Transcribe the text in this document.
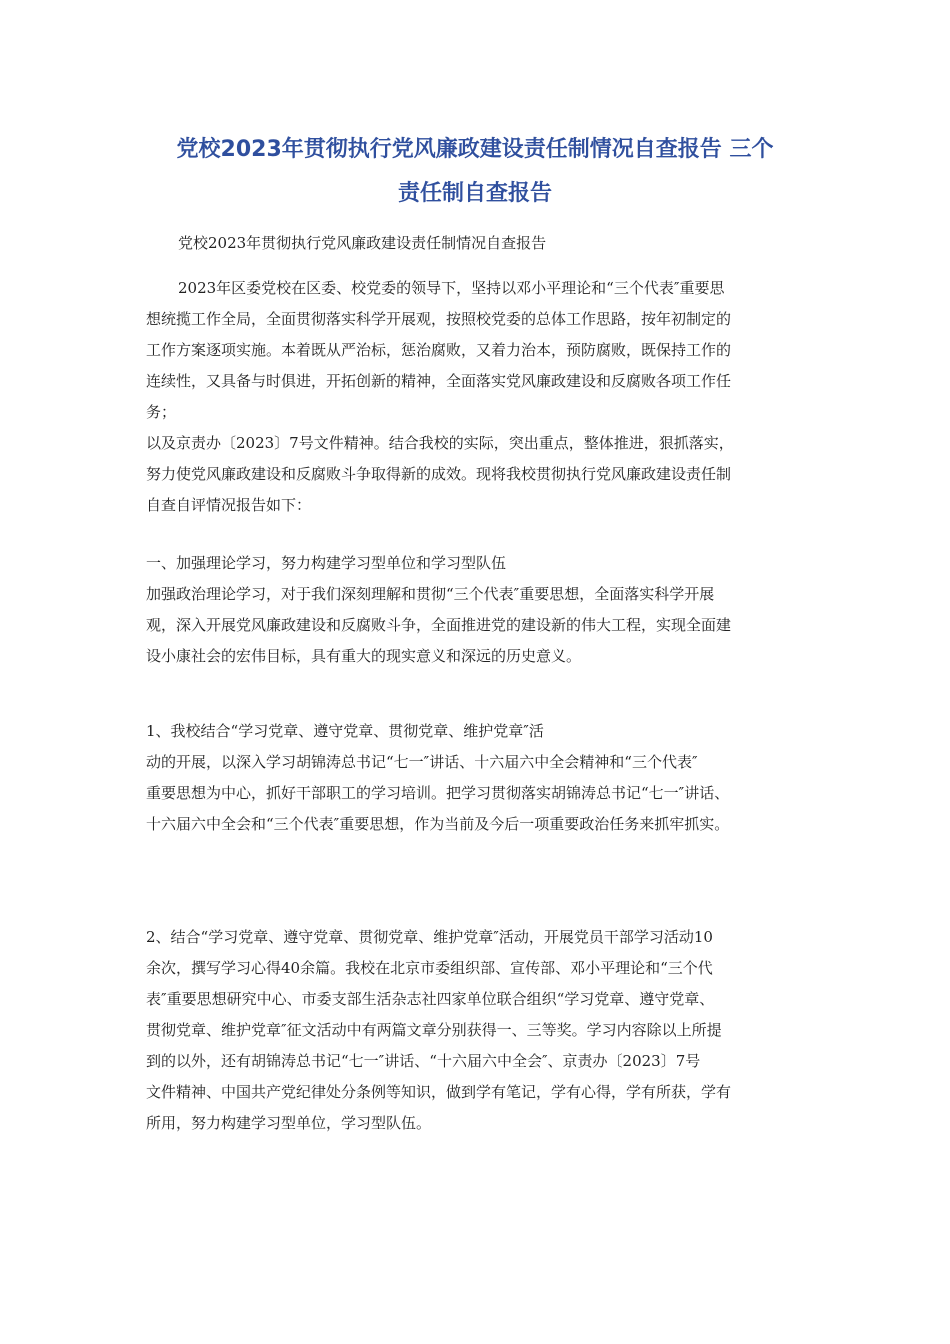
党校2023年贯彻执行党风廉政建设责任制情况自查报告 三个
责任制自查报告

党校2023年贯彻执行党风廉政建设责任制情况自查报告

2023年区委党校在区委、校党委的领导下，坚持以邓小平理论和“三个代表″重要思

想统揽工作全局，全面贯彻落实科学开展观，按照校党委的总体工作思路，按年初制定的

工作方案逐项实施。本着既从严治标，惩治腐败，又着力治本，预防腐败，既保持工作的

连续性，又具备与时俱进，开拓创新的精神，全面落实党风廉政建设和反腐败各项工作任

务；

以及京责办〔2023〕7号文件精神。结合我校的实际，突出重点，整体推进，狠抓落实，

努力使党风廉政建设和反腐败斗争取得新的成效。现将我校贯彻执行党风廉政建设责任制

自查自评情况报告如下：

一、加强理论学习，努力构建学习型单位和学习型队伍

加强政治理论学习，对于我们深刻理解和贯彻“三个代表″重要思想，全面落实科学开展

观，深入开展党风廉政建设和反腐败斗争，全面推进党的建设新的伟大工程，实现全面建

设小康社会的宏伟目标，具有重大的现实意义和深远的历史意义。

1、我校结合“学习党章、遵守党章、贯彻党章、维护党章″活

动的开展，以深入学习胡锦涛总书记“七一″讲话、十六届六中全会精神和“三个代表″

重要思想为中心，抓好干部职工的学习培训。把学习贯彻落实胡锦涛总书记“七一″讲话、

十六届六中全会和“三个代表″重要思想，作为当前及今后一项重要政治任务来抓牢抓实。

2、结合“学习党章、遵守党章、贯彻党章、维护党章″活动，开展党员干部学习活动10

余次，撰写学习心得40余篇。我校在北京市委组织部、宣传部、邓小平理论和“三个代

表″重要思想研究中心、市委支部生活杂志社四家单位联合组织“学习党章、遵守党章、

贯彻党章、维护党章″征文活动中有两篇文章分别获得一、三等奖。学习内容除以上所提

到的以外，还有胡锦涛总书记“七一″讲话、“十六届六中全会″、京责办〔2023〕7号

文件精神、中国共产党纪律处分条例等知识，做到学有笔记，学有心得，学有所获，学有

所用，努力构建学习型单位，学习型队伍。
